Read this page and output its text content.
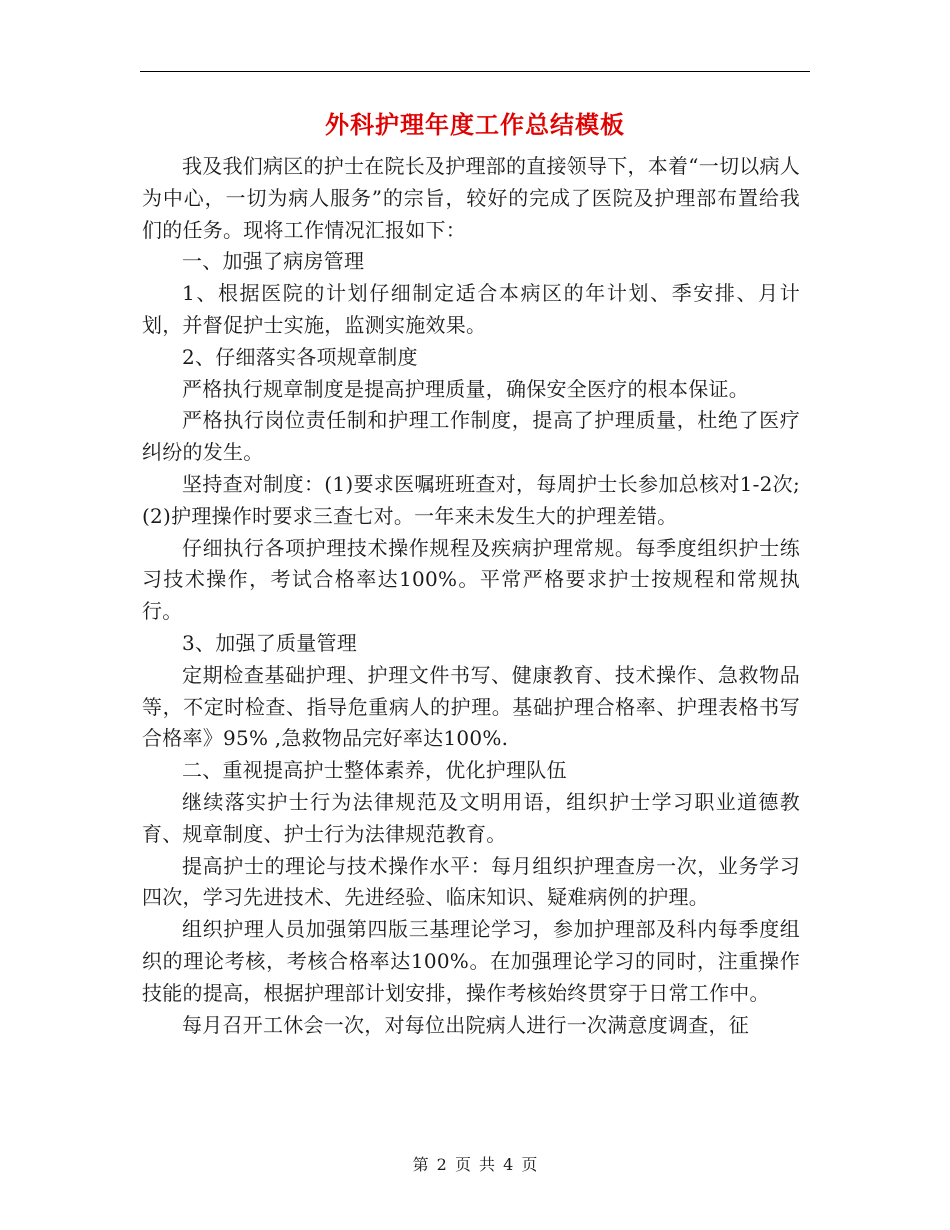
外科护理年度工作总结模板

我及我们病区的护士在院长及护理部的直接领导下，本着“一切以病人为中心，一切为病人服务”的宗旨，较好的完成了医院及护理部布置给我们的任务。现将工作情况汇报如下：

一、加强了病房管理

1、根据医院的计划仔细制定适合本病区的年计划、季安排、月计划，并督促护士实施，监测实施效果。

2、仔细落实各项规章制度

严格执行规章制度是提高护理质量，确保安全医疗的根本保证。

严格执行岗位责任制和护理工作制度，提高了护理质量，杜绝了医疗纠纷的发生。

坚持查对制度：(1)要求医嘱班班查对，每周护士长参加总核对1-2次;(2)护理操作时要求三查七对。一年来未发生大的护理差错。

仔细执行各项护理技术操作规程及疾病护理常规。每季度组织护士练习技术操作，考试合格率达100%。平常严格要求护士按规程和常规执行。

3、加强了质量管理

定期检查基础护理、护理文件书写、健康教育、技术操作、急救物品等，不定时检查、指导危重病人的护理。基础护理合格率、护理表格书写合格率》95% ,急救物品完好率达100%.

二、重视提高护士整体素养，优化护理队伍

继续落实护士行为法律规范及文明用语，组织护士学习职业道德教育、规章制度、护士行为法律规范教育。

提高护士的理论与技术操作水平：每月组织护理查房一次，业务学习四次，学习先进技术、先进经验、临床知识、疑难病例的护理。

组织护理人员加强第四版三基理论学习，参加护理部及科内每季度组织的理论考核，考核合格率达100%。在加强理论学习的同时，注重操作技能的提高，根据护理部计划安排，操作考核始终贯穿于日常工作中。

每月召开工休会一次，对每位出院病人进行一次满意度调查，征

第 2 页 共 4 页
